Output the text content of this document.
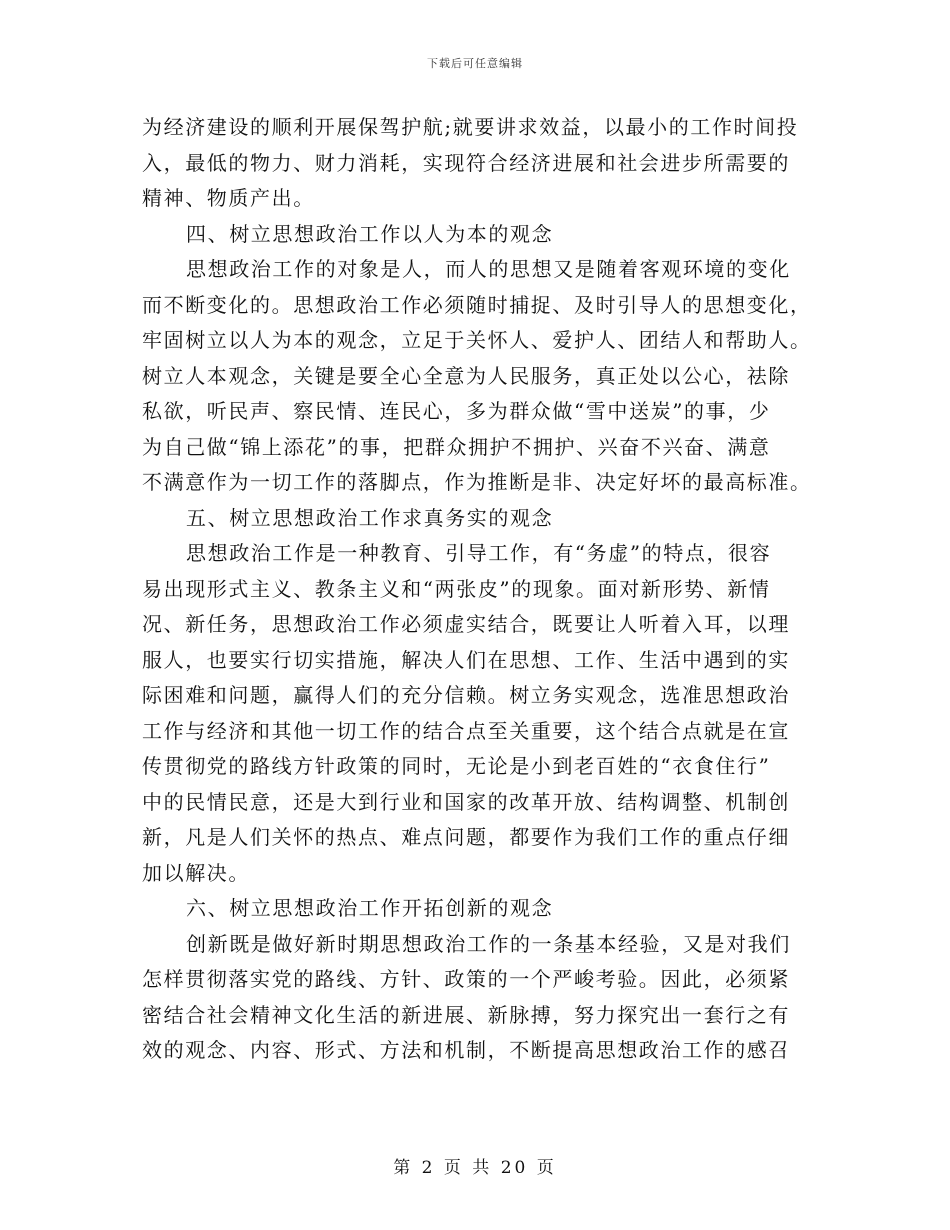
下载后可任意编辑
为经济建设的顺利开展保驾护航;就要讲求效益，以最小的工作时间投
入，最低的物力、财力消耗，实现符合经济进展和社会进步所需要的
精神、物质产出。
四、树立思想政治工作以人为本的观念
思想政治工作的对象是人，而人的思想又是随着客观环境的变化
而不断变化的。思想政治工作必须随时捕捉、及时引导人的思想变化，
牢固树立以人为本的观念，立足于关怀人、爱护人、团结人和帮助人。
树立人本观念，关键是要全心全意为人民服务，真正处以公心，祛除
私欲，听民声、察民情、连民心，多为群众做“雪中送炭”的事，少
为自己做“锦上添花”的事，把群众拥护不拥护、兴奋不兴奋、满意
不满意作为一切工作的落脚点，作为推断是非、决定好坏的最高标准。
五、树立思想政治工作求真务实的观念
思想政治工作是一种教育、引导工作，有“务虚”的特点，很容
易出现形式主义、教条主义和“两张皮”的现象。面对新形势、新情
况、新任务，思想政治工作必须虚实结合，既要让人听着入耳，以理
服人，也要实行切实措施，解决人们在思想、工作、生活中遇到的实
际困难和问题，赢得人们的充分信赖。树立务实观念，选准思想政治
工作与经济和其他一切工作的结合点至关重要，这个结合点就是在宣
传贯彻党的路线方针政策的同时，无论是小到老百姓的“衣食住行”
中的民情民意，还是大到行业和国家的改革开放、结构调整、机制创
新，凡是人们关怀的热点、难点问题，都要作为我们工作的重点仔细
加以解决。
六、树立思想政治工作开拓创新的观念
创新既是做好新时期思想政治工作的一条基本经验，又是对我们
怎样贯彻落实党的路线、方针、政策的一个严峻考验。因此，必须紧
密结合社会精神文化生活的新进展、新脉搏，努力探究出一套行之有
效的观念、内容、形式、方法和机制，不断提高思想政治工作的感召
第 2 页 共 20 页
